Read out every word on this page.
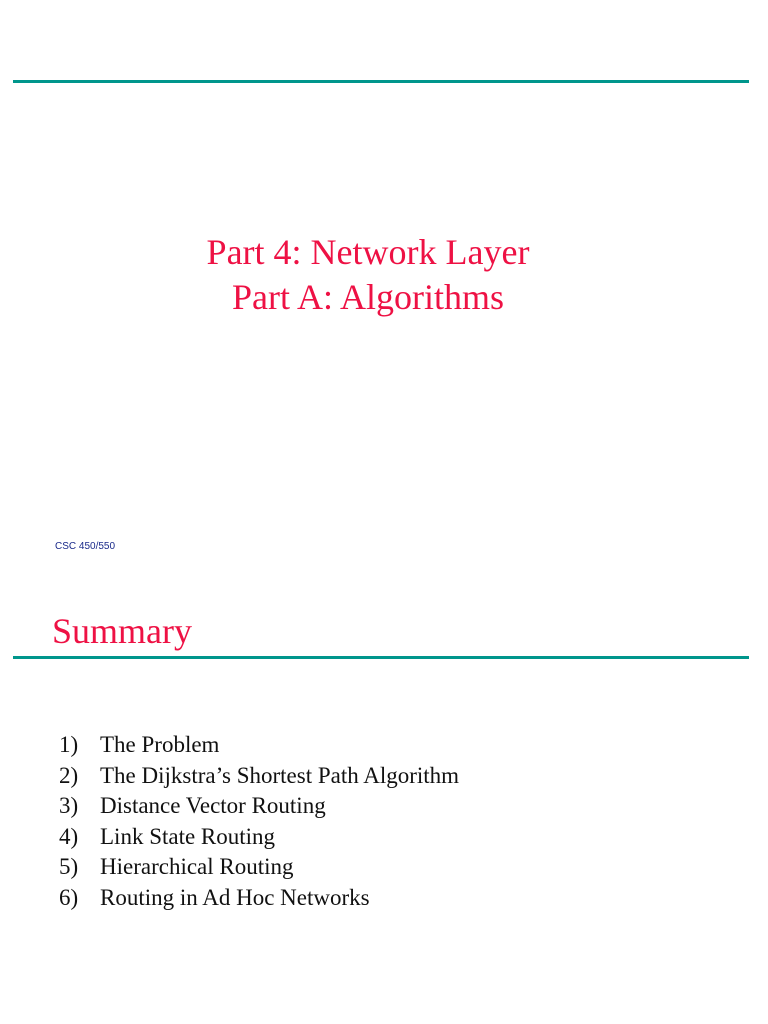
Part 4: Network Layer
Part A: Algorithms
CSC 450/550
Summary
1) The Problem
2) The Dijkstra’s Shortest Path Algorithm
3) Distance Vector Routing
4) Link State Routing
5) Hierarchical Routing
6) Routing in Ad Hoc Networks
